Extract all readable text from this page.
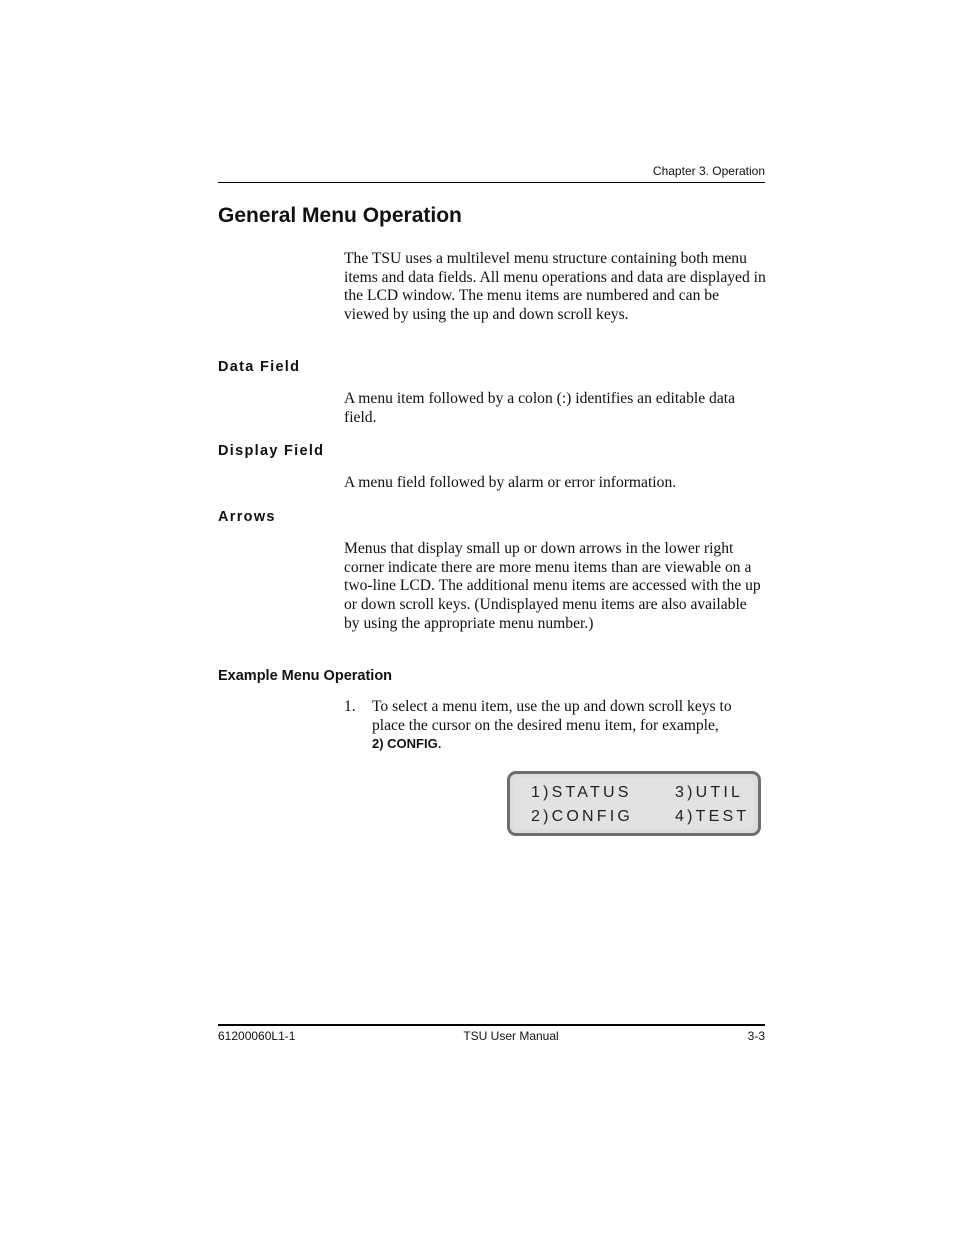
Chapter 3. Operation
General Menu Operation

The TSU uses a multilevel menu structure containing both menu items and data fields. All menu operations and data are displayed in the LCD window. The menu items are numbered and can be viewed by using the up and down scroll keys.

Data Field

A menu item followed by a colon (:) identifies an editable data field.

Display Field

A menu field followed by alarm or error information.

Arrows

Menus that display small up or down arrows in the lower right corner indicate there are more menu items than are viewable on a two-line LCD. The additional menu items are accessed with the up or down scroll keys. (Undisplayed menu items are also available by using the appropriate menu number.)

Example Menu Operation
1. To select a menu item, use the up and down scroll keys to place the cursor on the desired menu item, for example,
2) CONFIG.
1)STATUS	3)UTIL
2)CONFIG	4)TEST
61200060L1-1	TSU User Manual	3-3
